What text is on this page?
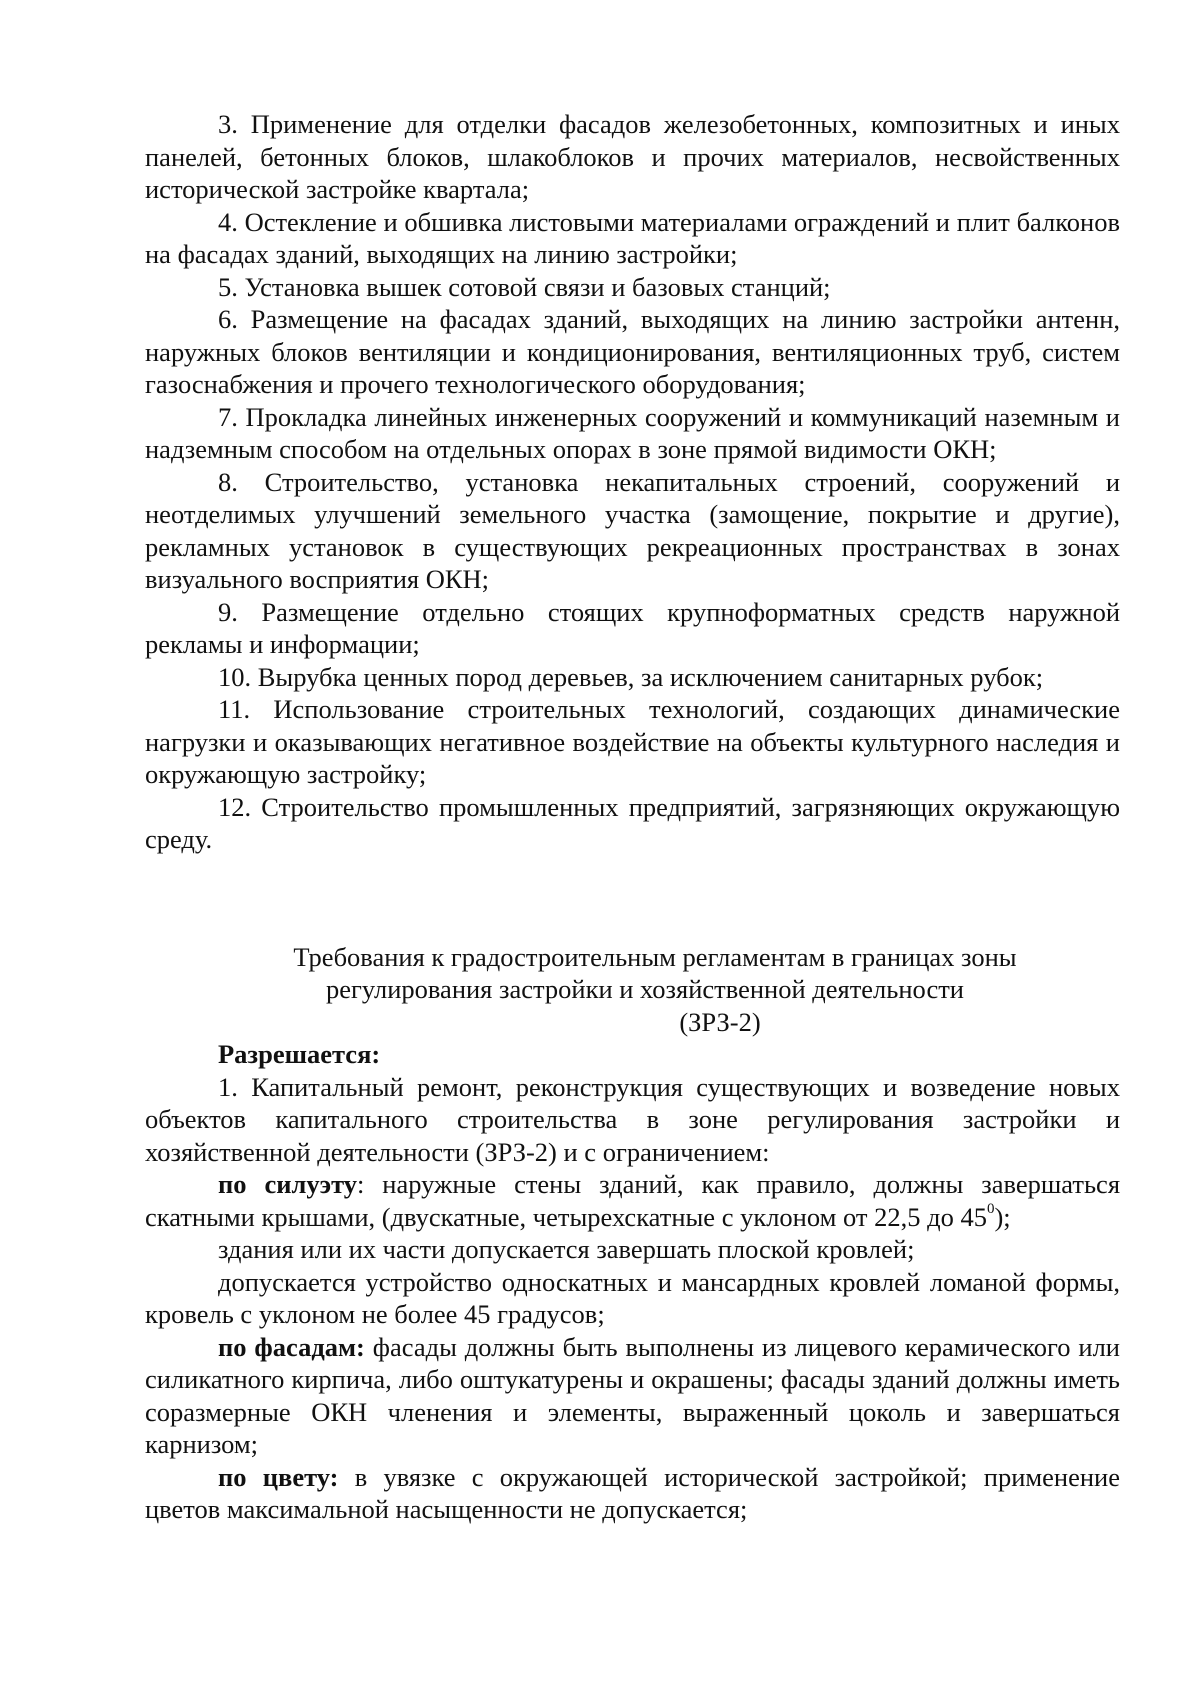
3. Применение для отделки фасадов железобетонных, композитных и иных панелей, бетонных блоков, шлакоблоков и прочих материалов, несвойственных исторической застройке квартала;

4. Остекление и обшивка листовыми материалами ограждений и плит балконов на фасадах зданий, выходящих на линию застройки;

5. Установка вышек сотовой связи и базовых станций;

6. Размещение на фасадах зданий, выходящих на линию застройки антенн, наружных блоков вентиляции и кондиционирования, вентиляционных труб, систем газоснабжения и прочего технологического оборудования;

7. Прокладка линейных инженерных сооружений и коммуникаций наземным и надземным способом на отдельных опорах в зоне прямой видимости ОКН;

8. Строительство, установка некапитальных строений, сооружений и неотделимых улучшений земельного участка (замощение, покрытие и другие), рекламных установок в существующих рекреационных пространствах в зонах визуального восприятия ОКН;

9. Размещение отдельно стоящих крупноформатных средств наружной рекламы и информации;

10. Вырубка ценных пород деревьев, за исключением санитарных рубок;

11. Использование строительных технологий, создающих динамические нагрузки и оказывающих негативное воздействие на объекты культурного наследия и окружающую застройку;

12. Строительство промышленных предприятий, загрязняющих окружающую среду.

Требования к градостроительным регламентам в границах зоны
регулирования застройки и хозяйственной деятельности
(ЗРЗ-2)

Разрешается:

1. Капитальный ремонт, реконструкция существующих и возведение новых объектов капитального строительства в зоне регулирования застройки и хозяйственной деятельности (ЗРЗ-2) и с ограничением:

по силуэту: наружные стены зданий, как правило, должны завершаться скатными крышами, (двускатные, четырехскатные с уклоном от 22,5 до $45^0$);

здания или их части допускается завершать плоской кровлей;

допускается устройство односкатных и мансардных кровлей ломаной формы, кровель с уклоном не более 45 градусов;

по фасадам: фасады должны быть выполнены из лицевого керамического или силикатного кирпича, либо оштукатурены и окрашены; фасады зданий должны иметь соразмерные ОКН членения и элементы, выраженный цоколь и завершаться карнизом;

по цвету: в увязке с окружающей исторической застройкой; применение цветов максимальной насыщенности не допускается;
